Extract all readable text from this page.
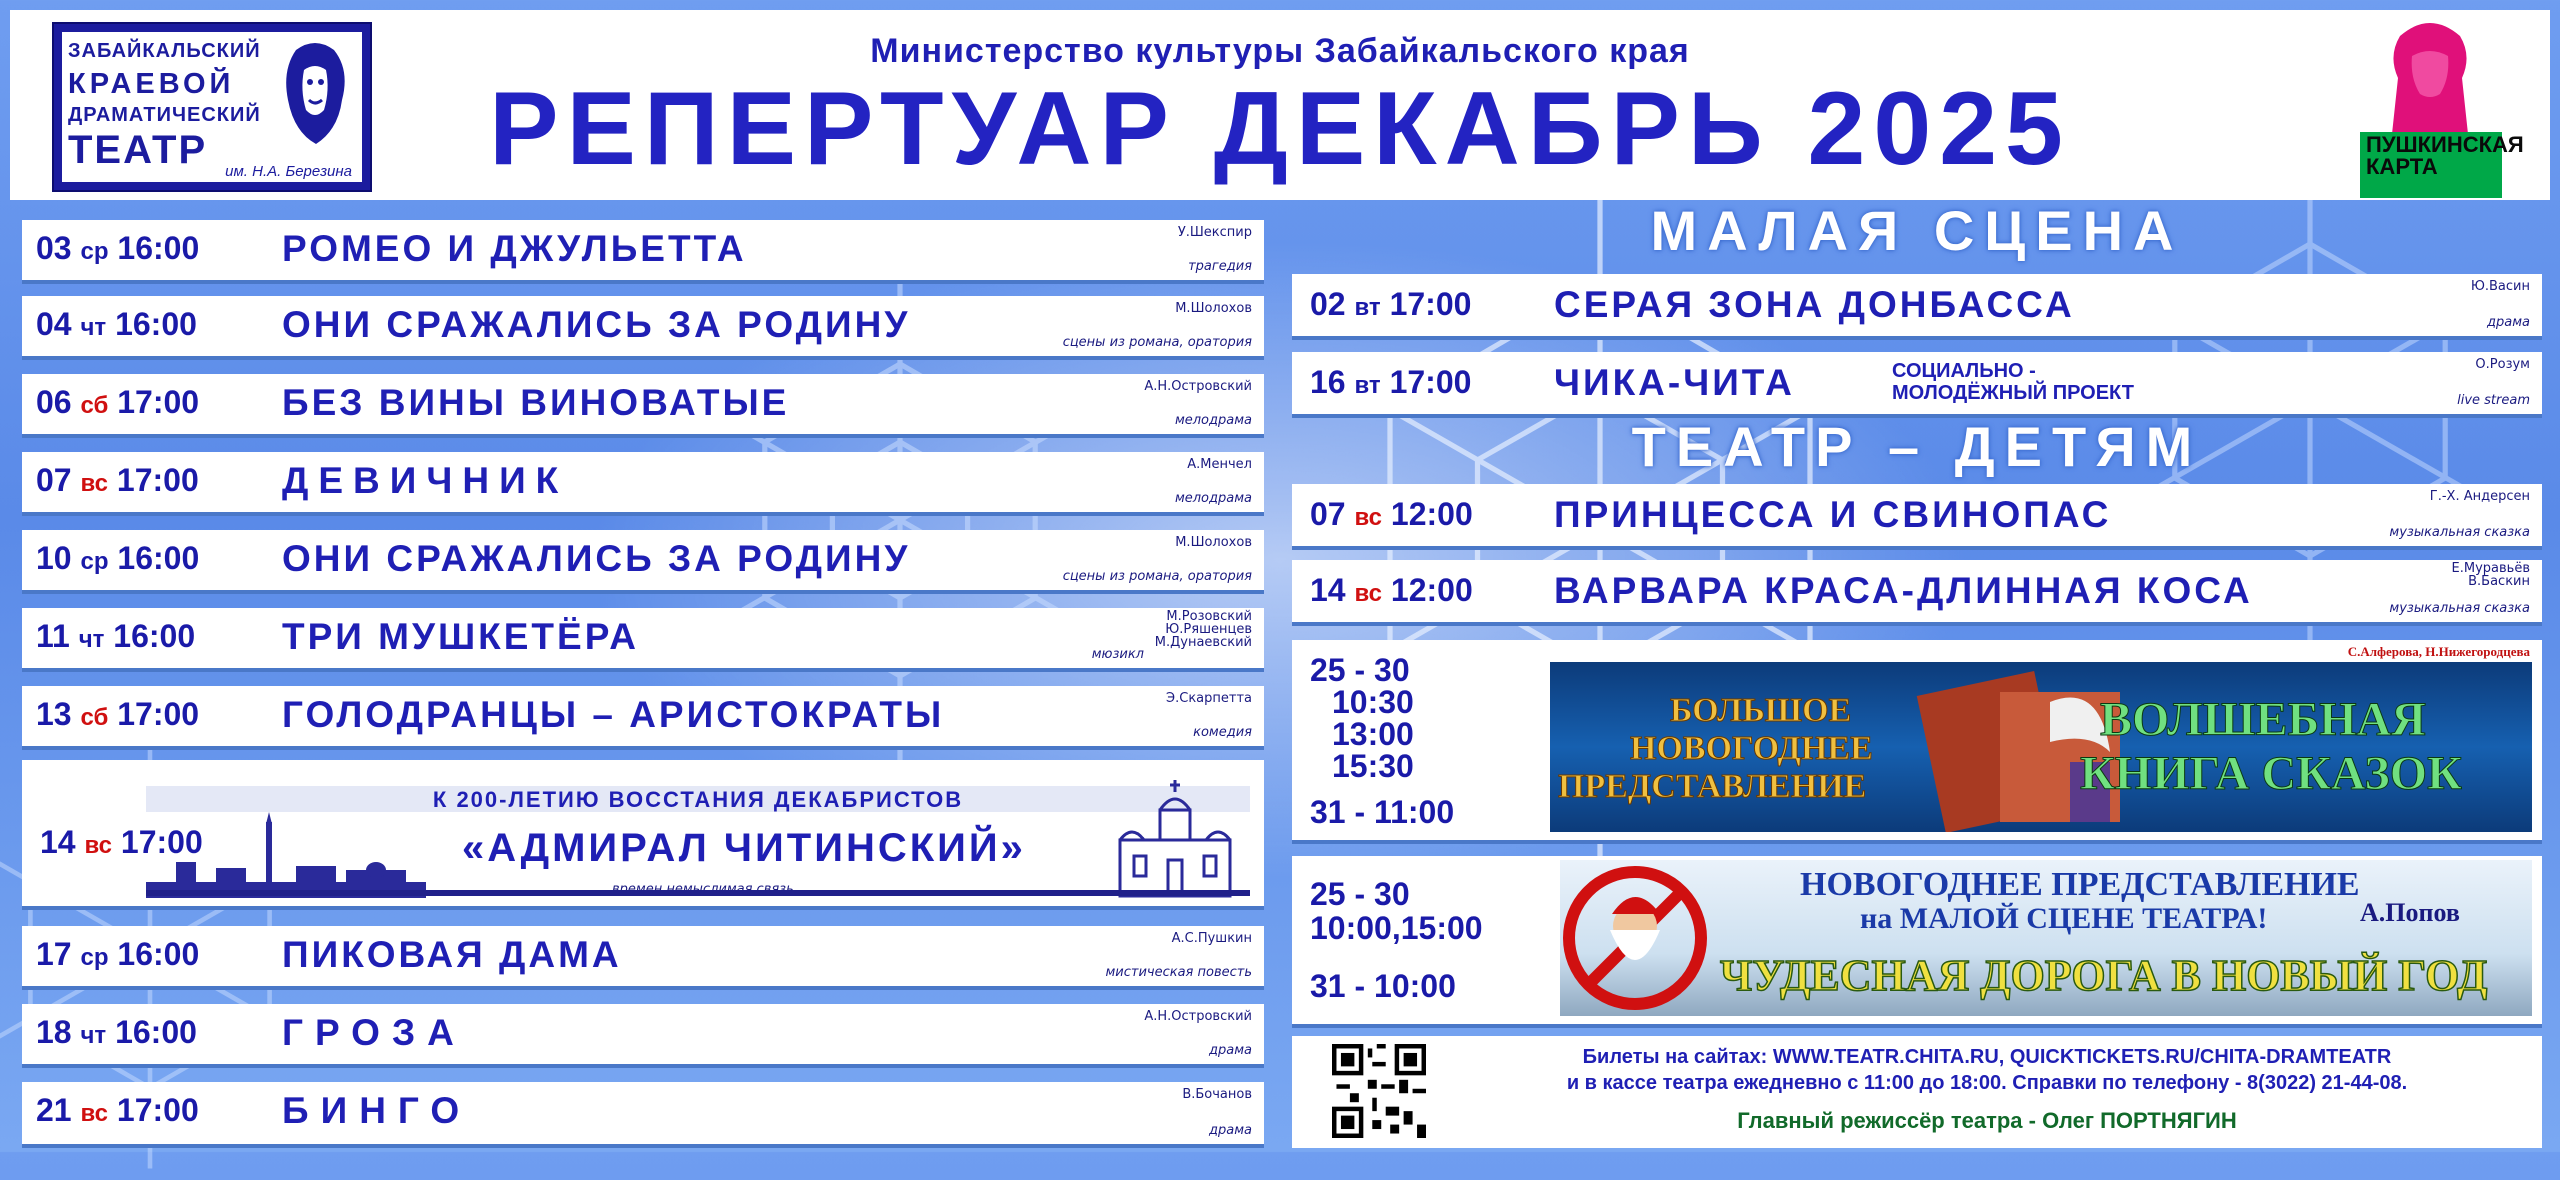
ЗАБАЙКАЛЬСКИЙ
КРАЕВОЙ
ДРАМАТИЧЕСКИЙ
ТЕАТР им. Н.А. Березина
Министерство культуры Забайкальского края
РЕПЕРТУАР ДЕКАБРЬ 2025	ПУШКИНСКАЯ КАРТА
03 ср 16:00 РОМЕО И ДЖУЛЬЕТТА	У.Шекспир
трагедия
04 чт 16:00 ОНИ СРАЖАЛИСЬ ЗА РОДИНУ	М.Шолохов
сцены из романа, оратория
06 сб 17:00 БЕЗ ВИНЫ ВИНОВАТЫЕ	А.Н.Островский
мелодрама
07 вс 17:00 ДЕВИЧНИК	А.Менчел
мелодрама
10 ср 16:00 ОНИ СРАЖАЛИСЬ ЗА РОДИНУ	М.Шолохов
сцены из романа, оратория
11 чт 16:00 ТРИ МУШКЕТЁРА	М.Розовский
Ю.Ряшенцев
М.Дунаевский
мюзикл
13 сб 17:00 ГОЛОДРАНЦЫ – АРИСТОКРАТЫ	Э.Скарпетта
комедия
14 вс 17:00
К 200-ЛЕТИЮ ВОССТАНИЯ ДЕКАБРИСТОВ
«АДМИРАЛ ЧИТИНСКИЙ»
17 ср 16:00 ПИКОВАЯ ДАМА	А.С.Пушкин
мистическая повесть
18 чт 16:00 ГРОЗА	А.Н.Островский
драма
21 вс 17:00 БИНГО	В.Бочанов
драма
МАЛАЯ СЦЕНА
02 вт 17:00 СЕРАЯ ЗОНА ДОНБАССА	Ю.Васин
драма
16 вт 17:00 ЧИКА-ЧИТА	СОЦИАЛЬНО -
МОЛОДЁЖНЫЙ ПРОЕКТ
О.Розум
live stream
ТЕАТР – ДЕТЯМ
07 вс 12:00 ПРИНЦЕССА И СВИНОПАС	Г.-Х. Андерсен
музыкальная сказка
14 вс 12:00 ВАРВАРА КРАСА-ДЛИННАЯ КОСА
Е.Муравьёв
В.Баскин
музыкальная сказка
25 - 30
10:30
13:00
15:30
31 - 11:00
С.Алферова, Н.Нижегородцева
БОЛЬШОЕ
НОВОГОДНЕЕ
ПРЕДСТАВЛЕНИЕ
ВОЛШЕБНАЯ
КНИГА СКАЗОК
25 - 30
10:00,15:00
31 - 10:00
НОВОГОДНЕЕ ПРЕДСТАВЛЕНИЕ
на МАЛОЙ СЦЕНЕ ТЕАТРА!	А.Попов
ЧУДЕСНАЯ ДОРОГА В НОВЫЙ ГОД
Билеты на сайтах: WWW.TEATR.CHITA.RU, QUICKTICKETS.RU/CHITA-DRAMTEATR
и в кассе театра ежедневно с 11:00 до 18:00. Справки по телефону - 8(3022) 21-44-08.
Главный режиссёр театра - Олег ПОРТНЯГИН
